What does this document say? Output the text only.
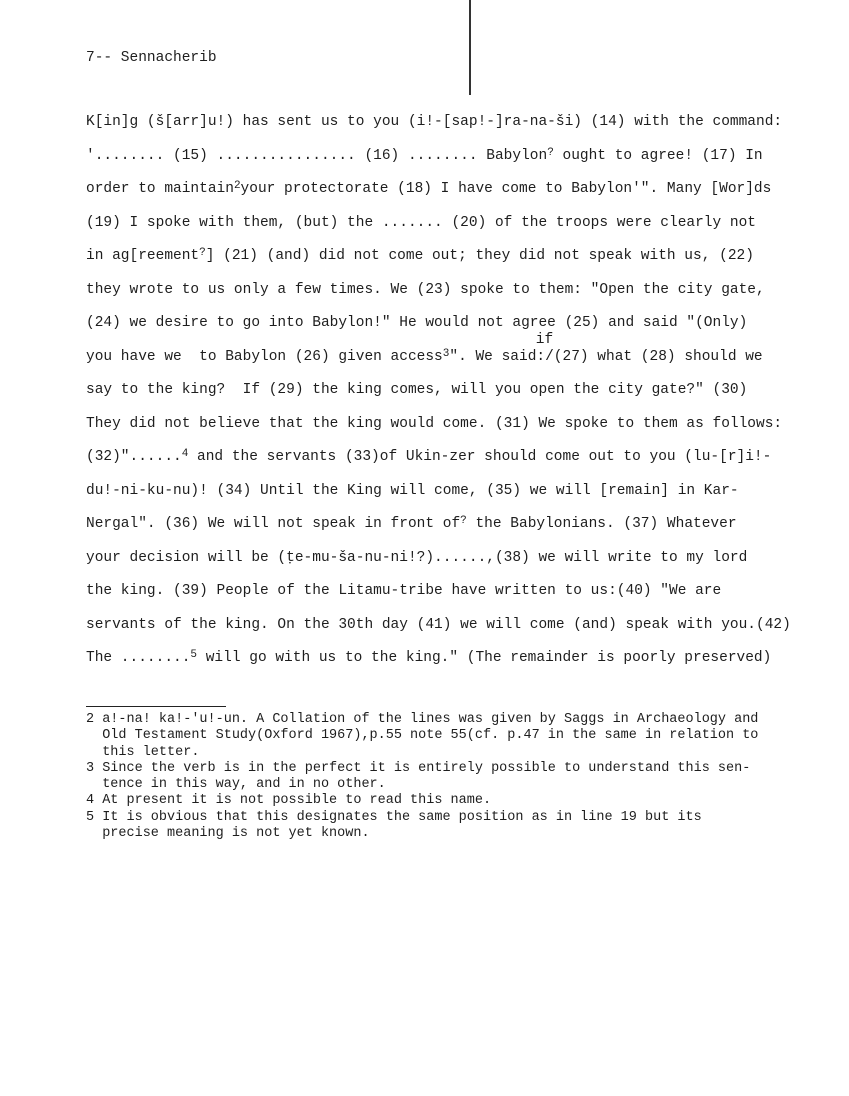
7-- Sennacherib
K[in]g (š[arr]u!) has sent us to you (i!-[sap!-]ra-na-ši) (14) with the command:
'........ (15) ................ (16) ........ Babylon? ought to agree! (17) In
order to maintain$^2$your protectorate (18) I have come to Babylon'". Many [Wor]ds
(19) I spoke with them, (but) the ....... (20) of the troops were clearly not
in ag[reement?] (21) (and) did not come out; they did not speak with us, (22)
they wrote to us only a few times. We (23) spoke to them: "Open the city gate,
(24) we desire to go into Babylon!" He would not agree (25) and said "(Only)
you have we  to Babylon (26) given access$^3$". We said:/
if
(27) what (28) should we
say to the king?  If (29) the king comes, will you open the city gate?" (30)
They did not believe that the king would come. (31) We spoke to them as follows:
(32)"......$^4$ and the servants (33)of Ukin-zer should come out to you (lu-[r]i!-
du!-ni-ku-nu)! (34) Until the King will come, (35) we will [remain] in Kar-
Nergal". (36) We will not speak in front of? the Babylonians. (37) Whatever
your decision will be (ṭe-mu-ša-nu-ni!?)......,(38) we will write to my lord
the king. (39) People of the Litamu-tribe have written to us:(40) "We are
servants of the king. On the 30th day (41) we will come (and) speak with you.(42)
The ........$^5$ will go with us to the king." (The remainder is poorly preserved)
2 a!-na! ka!-'u!-un. A Collation of the lines was given by Saggs in Archaeology and
Old Testament Study(Oxford 1967),p.55 note 55(cf. p.47 in the same in relation to
this letter.
3 Since the verb is in the perfect it is entirely possible to understand this sen-
tence in this way, and in no other.
4 At present it is not possible to read this name.
5 It is obvious that this designates the same position as in line 19 but its
precise meaning is not yet known.
